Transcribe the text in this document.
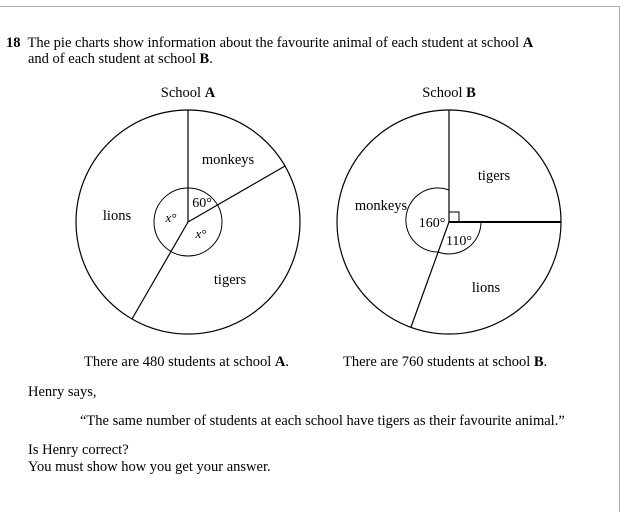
18 The pie charts show information about the favourite animal of each student at school A
and of each student at school B.
School A
monkeys
lions
tigers
60°
x°
x°
School B
tigers
monkeys
lions
160°
110°
There are 480 students at school A.	There are 760 students at school B.
Henry says,
“The same number of students at each school have tigers as their favourite animal.”
Is Henry correct?
You must show how you get your answer.
